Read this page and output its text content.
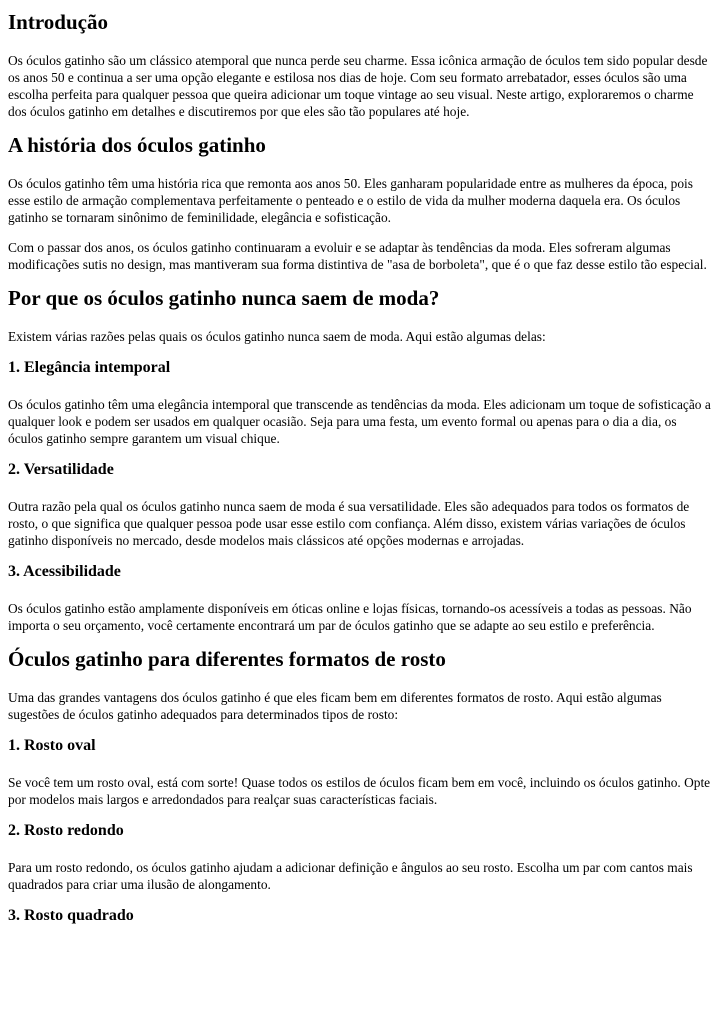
Introdução

Os óculos gatinho são um clássico atemporal que nunca perde seu charme. Essa icônica armação de óculos tem sido popular desde os anos 50 e continua a ser uma opção elegante e estilosa nos dias de hoje. Com seu formato arrebatador, esses óculos são uma escolha perfeita para qualquer pessoa que queira adicionar um toque vintage ao seu visual. Neste artigo, exploraremos o charme dos óculos gatinho em detalhes e discutiremos por que eles são tão populares até hoje.

A história dos óculos gatinho

Os óculos gatinho têm uma história rica que remonta aos anos 50. Eles ganharam popularidade entre as mulheres da época, pois esse estilo de armação complementava perfeitamente o penteado e o estilo de vida da mulher moderna daquela era. Os óculos gatinho se tornaram sinônimo de feminilidade, elegância e sofisticação.

Com o passar dos anos, os óculos gatinho continuaram a evoluir e se adaptar às tendências da moda. Eles sofreram algumas modificações sutis no design, mas mantiveram sua forma distintiva de "asa de borboleta", que é o que faz desse estilo tão especial.

Por que os óculos gatinho nunca saem de moda?

Existem várias razões pelas quais os óculos gatinho nunca saem de moda. Aqui estão algumas delas:

1. Elegância intemporal

Os óculos gatinho têm uma elegância intemporal que transcende as tendências da moda. Eles adicionam um toque de sofisticação a qualquer look e podem ser usados em qualquer ocasião. Seja para uma festa, um evento formal ou apenas para o dia a dia, os óculos gatinho sempre garantem um visual chique.

2. Versatilidade

Outra razão pela qual os óculos gatinho nunca saem de moda é sua versatilidade. Eles são adequados para todos os formatos de rosto, o que significa que qualquer pessoa pode usar esse estilo com confiança. Além disso, existem várias variações de óculos gatinho disponíveis no mercado, desde modelos mais clássicos até opções modernas e arrojadas.

3. Acessibilidade

Os óculos gatinho estão amplamente disponíveis em óticas online e lojas físicas, tornando-os acessíveis a todas as pessoas. Não importa o seu orçamento, você certamente encontrará um par de óculos gatinho que se adapte ao seu estilo e preferência.

Óculos gatinho para diferentes formatos de rosto

Uma das grandes vantagens dos óculos gatinho é que eles ficam bem em diferentes formatos de rosto. Aqui estão algumas sugestões de óculos gatinho adequados para determinados tipos de rosto:

1. Rosto oval

Se você tem um rosto oval, está com sorte! Quase todos os estilos de óculos ficam bem em você, incluindo os óculos gatinho. Opte por modelos mais largos e arredondados para realçar suas características faciais.

2. Rosto redondo

Para um rosto redondo, os óculos gatinho ajudam a adicionar definição e ângulos ao seu rosto. Escolha um par com cantos mais quadrados para criar uma ilusão de alongamento.

3. Rosto quadrado
